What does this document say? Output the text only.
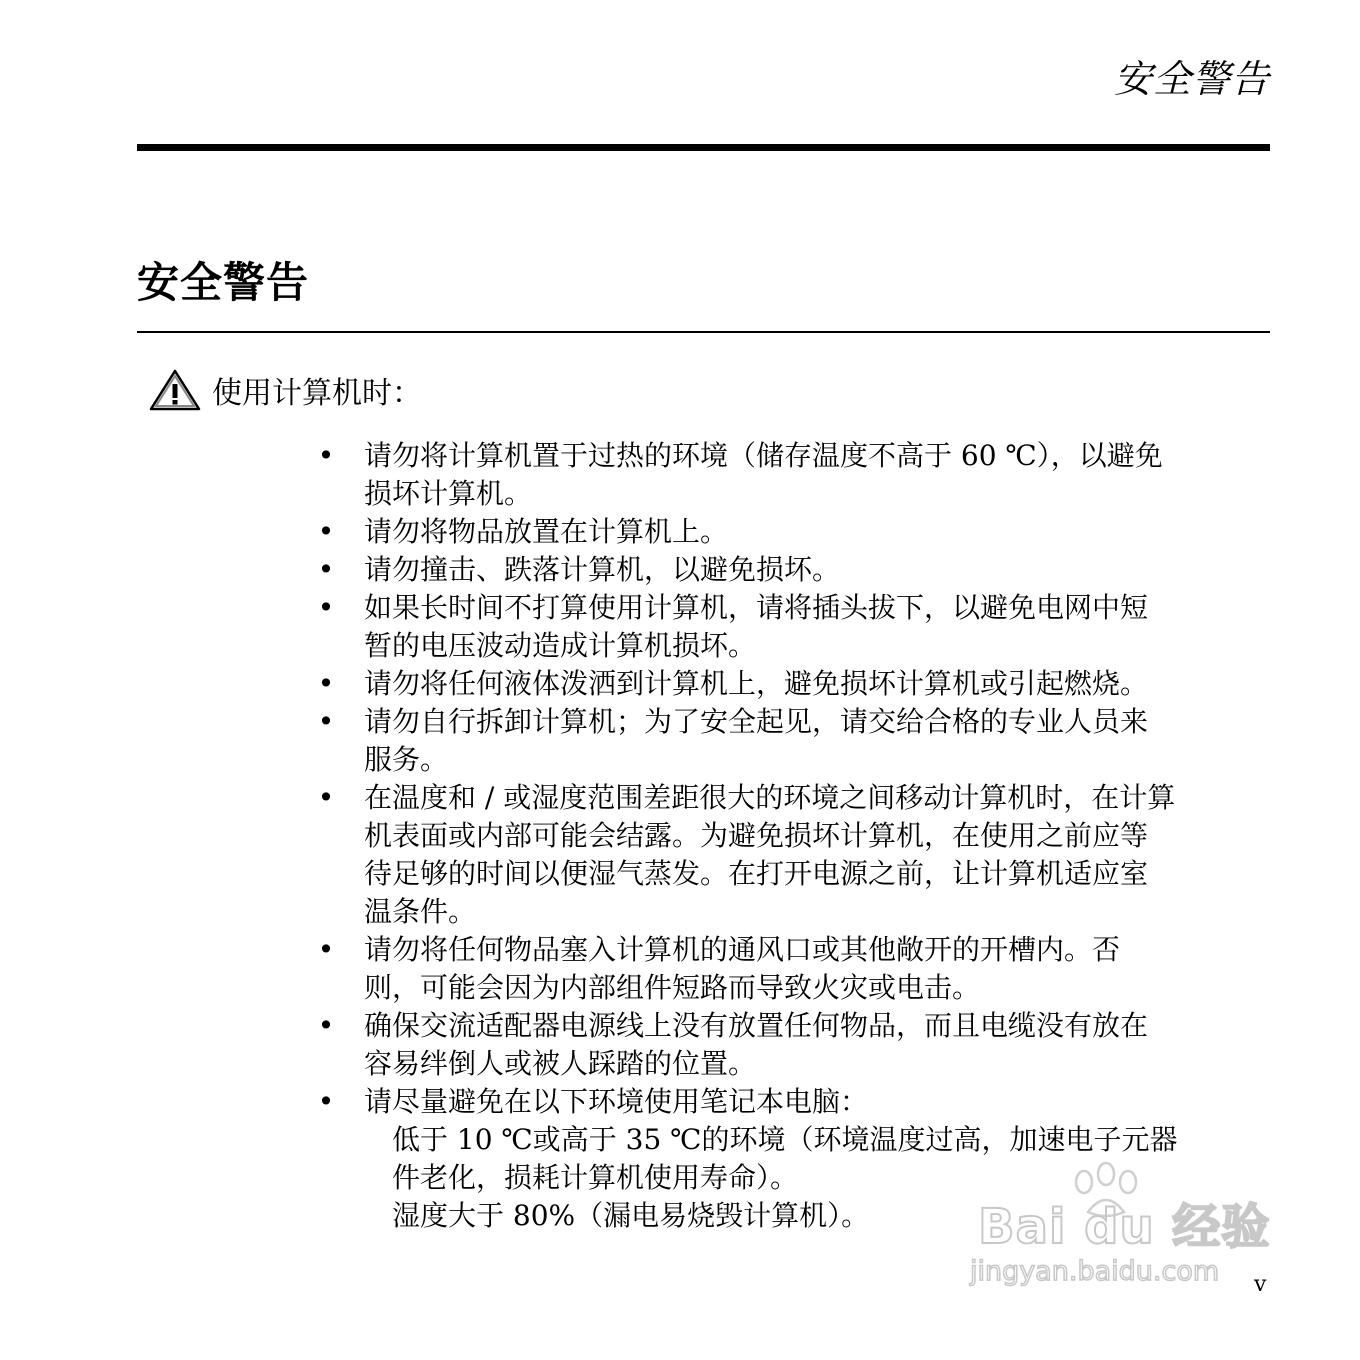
安全警告
安全警告
使用计算机时：
• 请勿将计算机置于过热的环境（储存温度不高于 60 ℃），以避免
损坏计算机。
• 请勿将物品放置在计算机上。
• 请勿撞击、跌落计算机，以避免损坏。
• 如果长时间不打算使用计算机，请将插头拔下，以避免电网中短
暂的电压波动造成计算机损坏。
• 请勿将任何液体泼洒到计算机上，避免损坏计算机或引起燃烧。
• 请勿自行拆卸计算机；为了安全起见，请交给合格的专业人员来
服务。
• 在温度和 / 或湿度范围差距很大的环境之间移动计算机时，在计算
机表面或内部可能会结露。为避免损坏计算机，在使用之前应等
待足够的时间以便湿气蒸发。在打开电源之前，让计算机适应室
温条件。
• 请勿将任何物品塞入计算机的通风口或其他敞开的开槽内。否
则，可能会因为内部组件短路而导致火灾或电击。
• 确保交流适配器电源线上没有放置任何物品，而且电缆没有放在
容易绊倒人或被人踩踏的位置。
• 请尽量避免在以下环境使用笔记本电脑：
低于 10 ℃或高于 35 ℃的环境（环境温度过高，加速电子元器
件老化，损耗计算机使用寿命）。
湿度大于 80%（漏电易烧毁计算机）。	Bai du 经验
jingyan.baidu.com v
